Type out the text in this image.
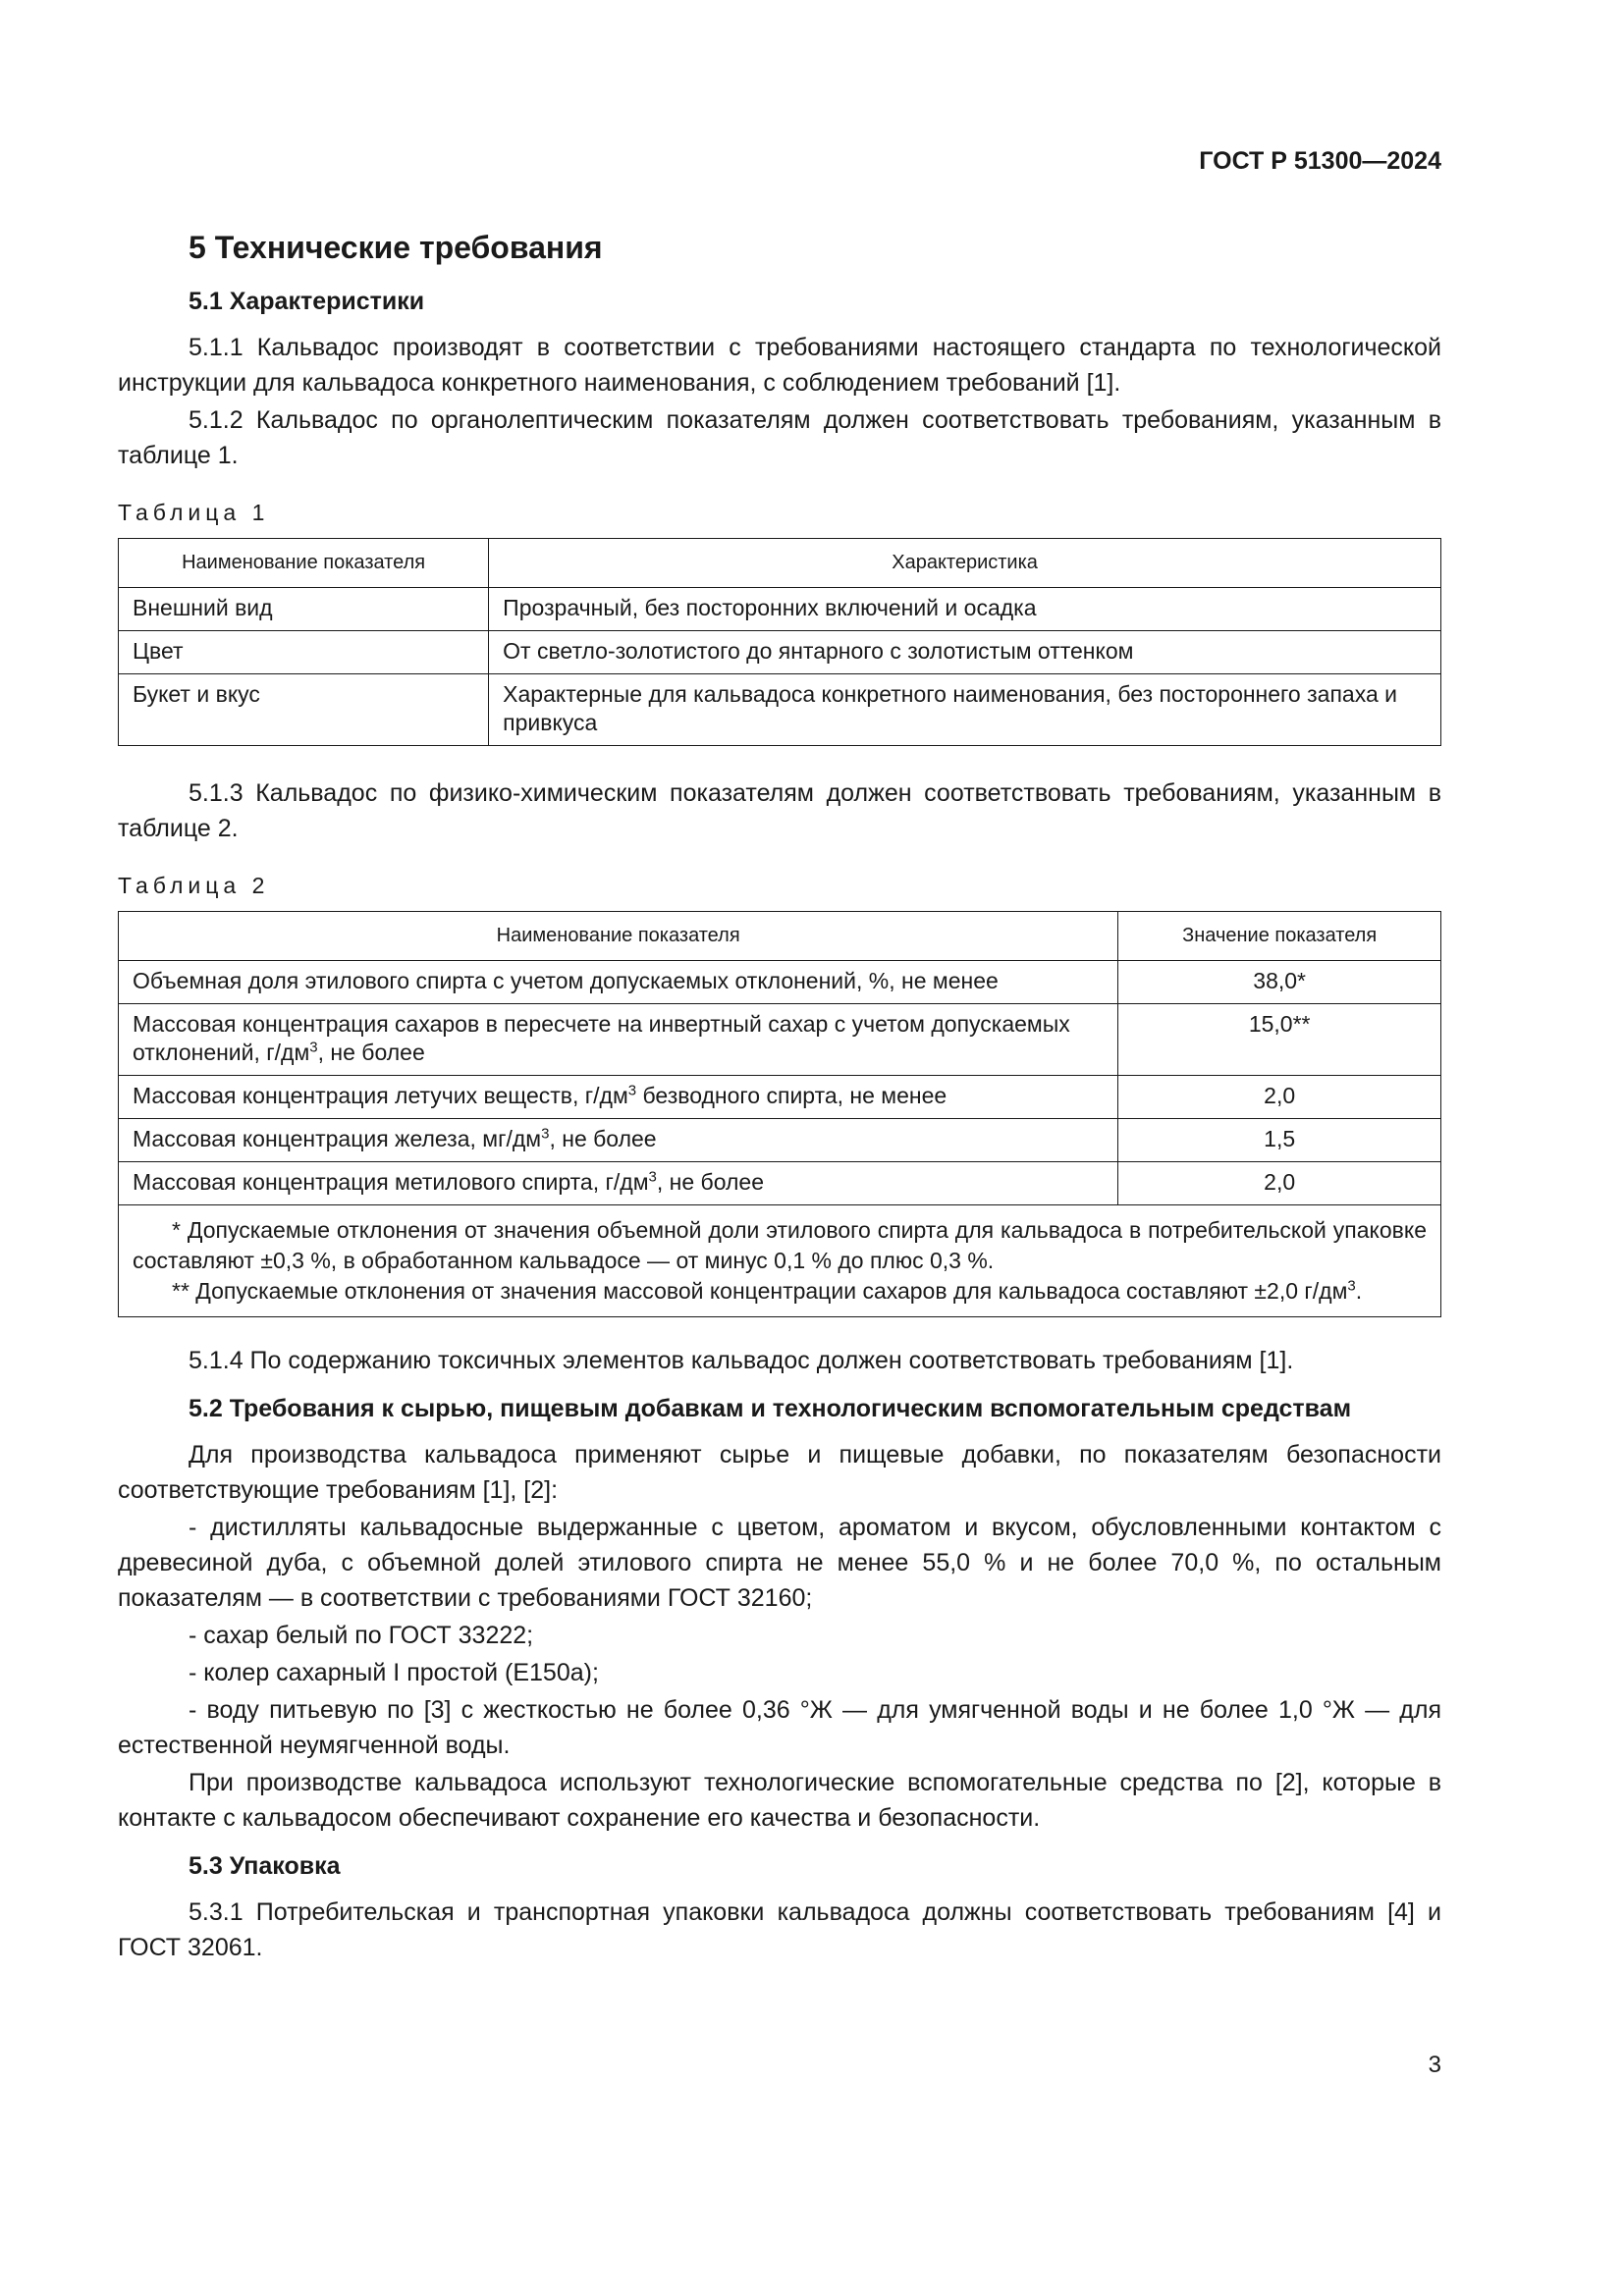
ГОСТ Р 51300—2024
5 Технические требования
5.1 Характеристики

5.1.1 Кальвадос производят в соответствии с требованиями настоящего стандарта по технологической инструкции для кальвадоса конкретного наименования, с соблюдением требований [1].

5.1.2 Кальвадос по органолептическим показателям должен соответствовать требованиям, указанным в таблице 1.

Таблица 1
Наименование показателя	Характеристика
Внешний вид	Прозрачный, без посторонних включений и осадка
Цвет	От светло-золотистого до янтарного с золотистым оттенком
Букет и вкус	Характерные для кальвадоса конкретного наименования, без постороннего запаха и привкуса

5.1.3 Кальвадос по физико-химическим показателям должен соответствовать требованиям, указанным в таблице 2.

Таблица 2
Наименование показателя	Значение показателя
Объемная доля этилового спирта с учетом допускаемых отклонений, %, не менее	38,0*
Массовая концентрация сахаров в пересчете на инвертный сахар с учетом допускаемых отклонений, $г/дм^3$, не более	15,0**
Массовая концентрация летучих веществ, $г/дм^3$ безводного спирта, не менее	2,0
Массовая концентрация железа, $мг/дм^3$, не более	1,5
Массовая концентрация метилового спирта, $г/дм^3$, не более	2,0

* Допускаемые отклонения от значения объемной доли этилового спирта для кальвадоса в потребительской упаковке составляют ±0,3 %, в обработанном кальвадосе — от минус 0,1 % до плюс 0,3 %.
** Допускаемые отклонения от значения массовой концентрации сахаров для кальвадоса составляют ±2,0 $г/дм^3$.	

5.1.4 По содержанию токсичных элементов кальвадос должен соответствовать требованиям [1].

5.2 Требования к сырью, пищевым добавкам и технологическим вспомогательным средствам

Для производства кальвадоса применяют сырье и пищевые добавки, по показателям безопасности соответствующие требованиям [1], [2]:

- дистилляты кальвадосные выдержанные с цветом, ароматом и вкусом, обусловленными контактом с древесиной дуба, с объемной долей этилового спирта не менее 55,0 % и не более 70,0 %, по остальным показателям — в соответствии с требованиями ГОСТ 32160;

- сахар белый по ГОСТ 33222;

- колер сахарный I простой (Е150а);

- воду питьевую по [3] с жесткостью не более 0,36 °Ж — для умягченной воды и не более 1,0 °Ж — для естественной неумягченной воды.

При производстве кальвадоса используют технологические вспомогательные средства по [2], которые в контакте с кальвадосом обеспечивают сохранение его качества и безопасности.

5.3 Упаковка

5.3.1 Потребительская и транспортная упаковки кальвадоса должны соответствовать требованиям [4] и ГОСТ 32061.

3
